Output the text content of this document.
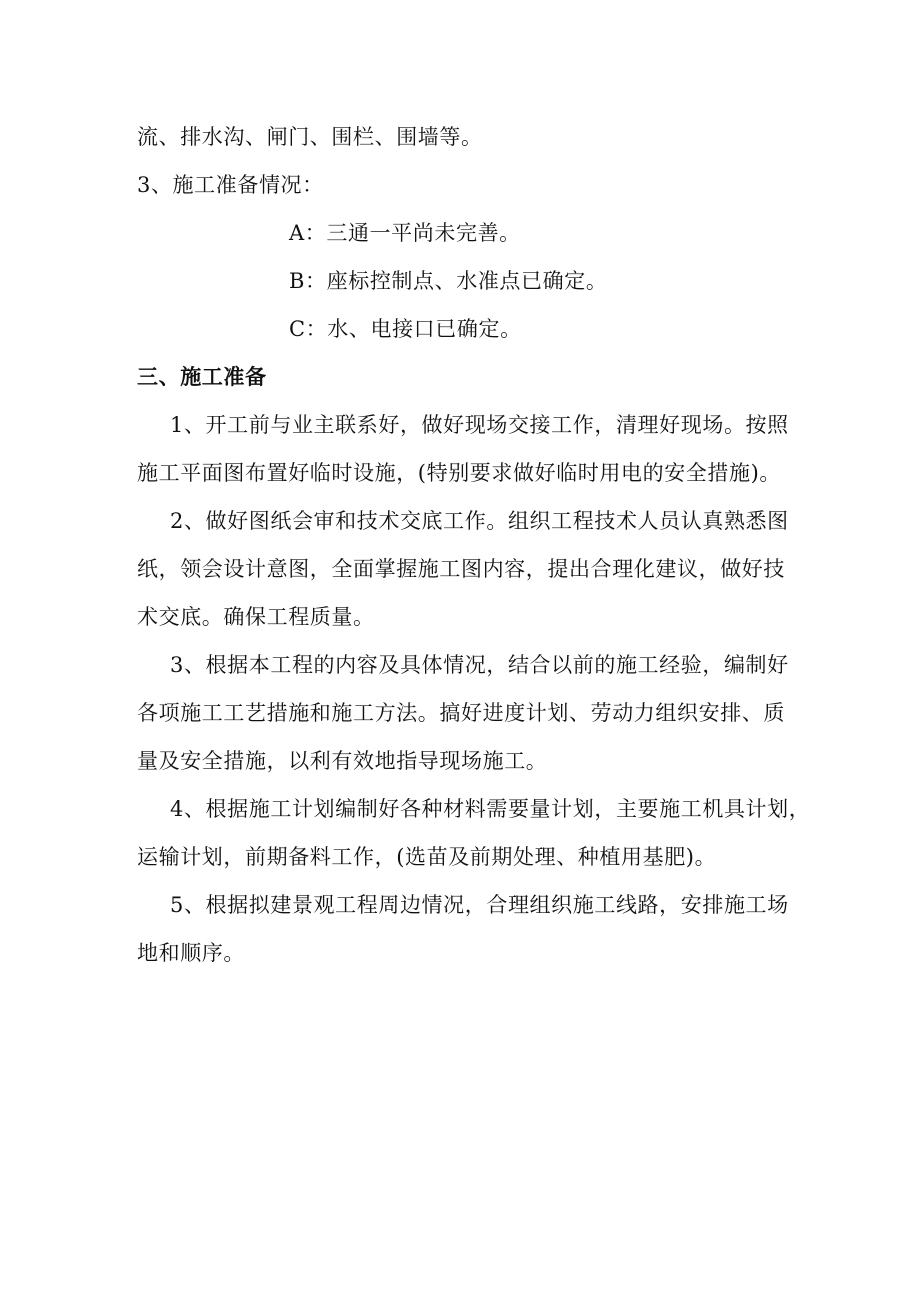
流、排水沟、闸门、围栏、围墙等。
3、施工准备情况：
A：三通一平尚未完善。
B：座标控制点、水准点已确定。
C：水、电接口已确定。
三、施工准备
1、开工前与业主联系好，做好现场交接工作，清理好现场。按照
施工平面图布置好临时设施，(特别要求做好临时用电的安全措施)。
2、做好图纸会审和技术交底工作。组织工程技术人员认真熟悉图
纸，领会设计意图，全面掌握施工图内容，提出合理化建议，做好技
术交底。确保工程质量。
3、根据本工程的内容及具体情况，结合以前的施工经验，编制好
各项施工工艺措施和施工方法。搞好进度计划、劳动力组织安排、质
量及安全措施，以利有效地指导现场施工。
4、根据施工计划编制好各种材料需要量计划，主要施工机具计划，
运输计划，前期备料工作，(选苗及前期处理、种植用基肥)。
5、根据拟建景观工程周边情况，合理组织施工线路，安排施工场
地和顺序。
